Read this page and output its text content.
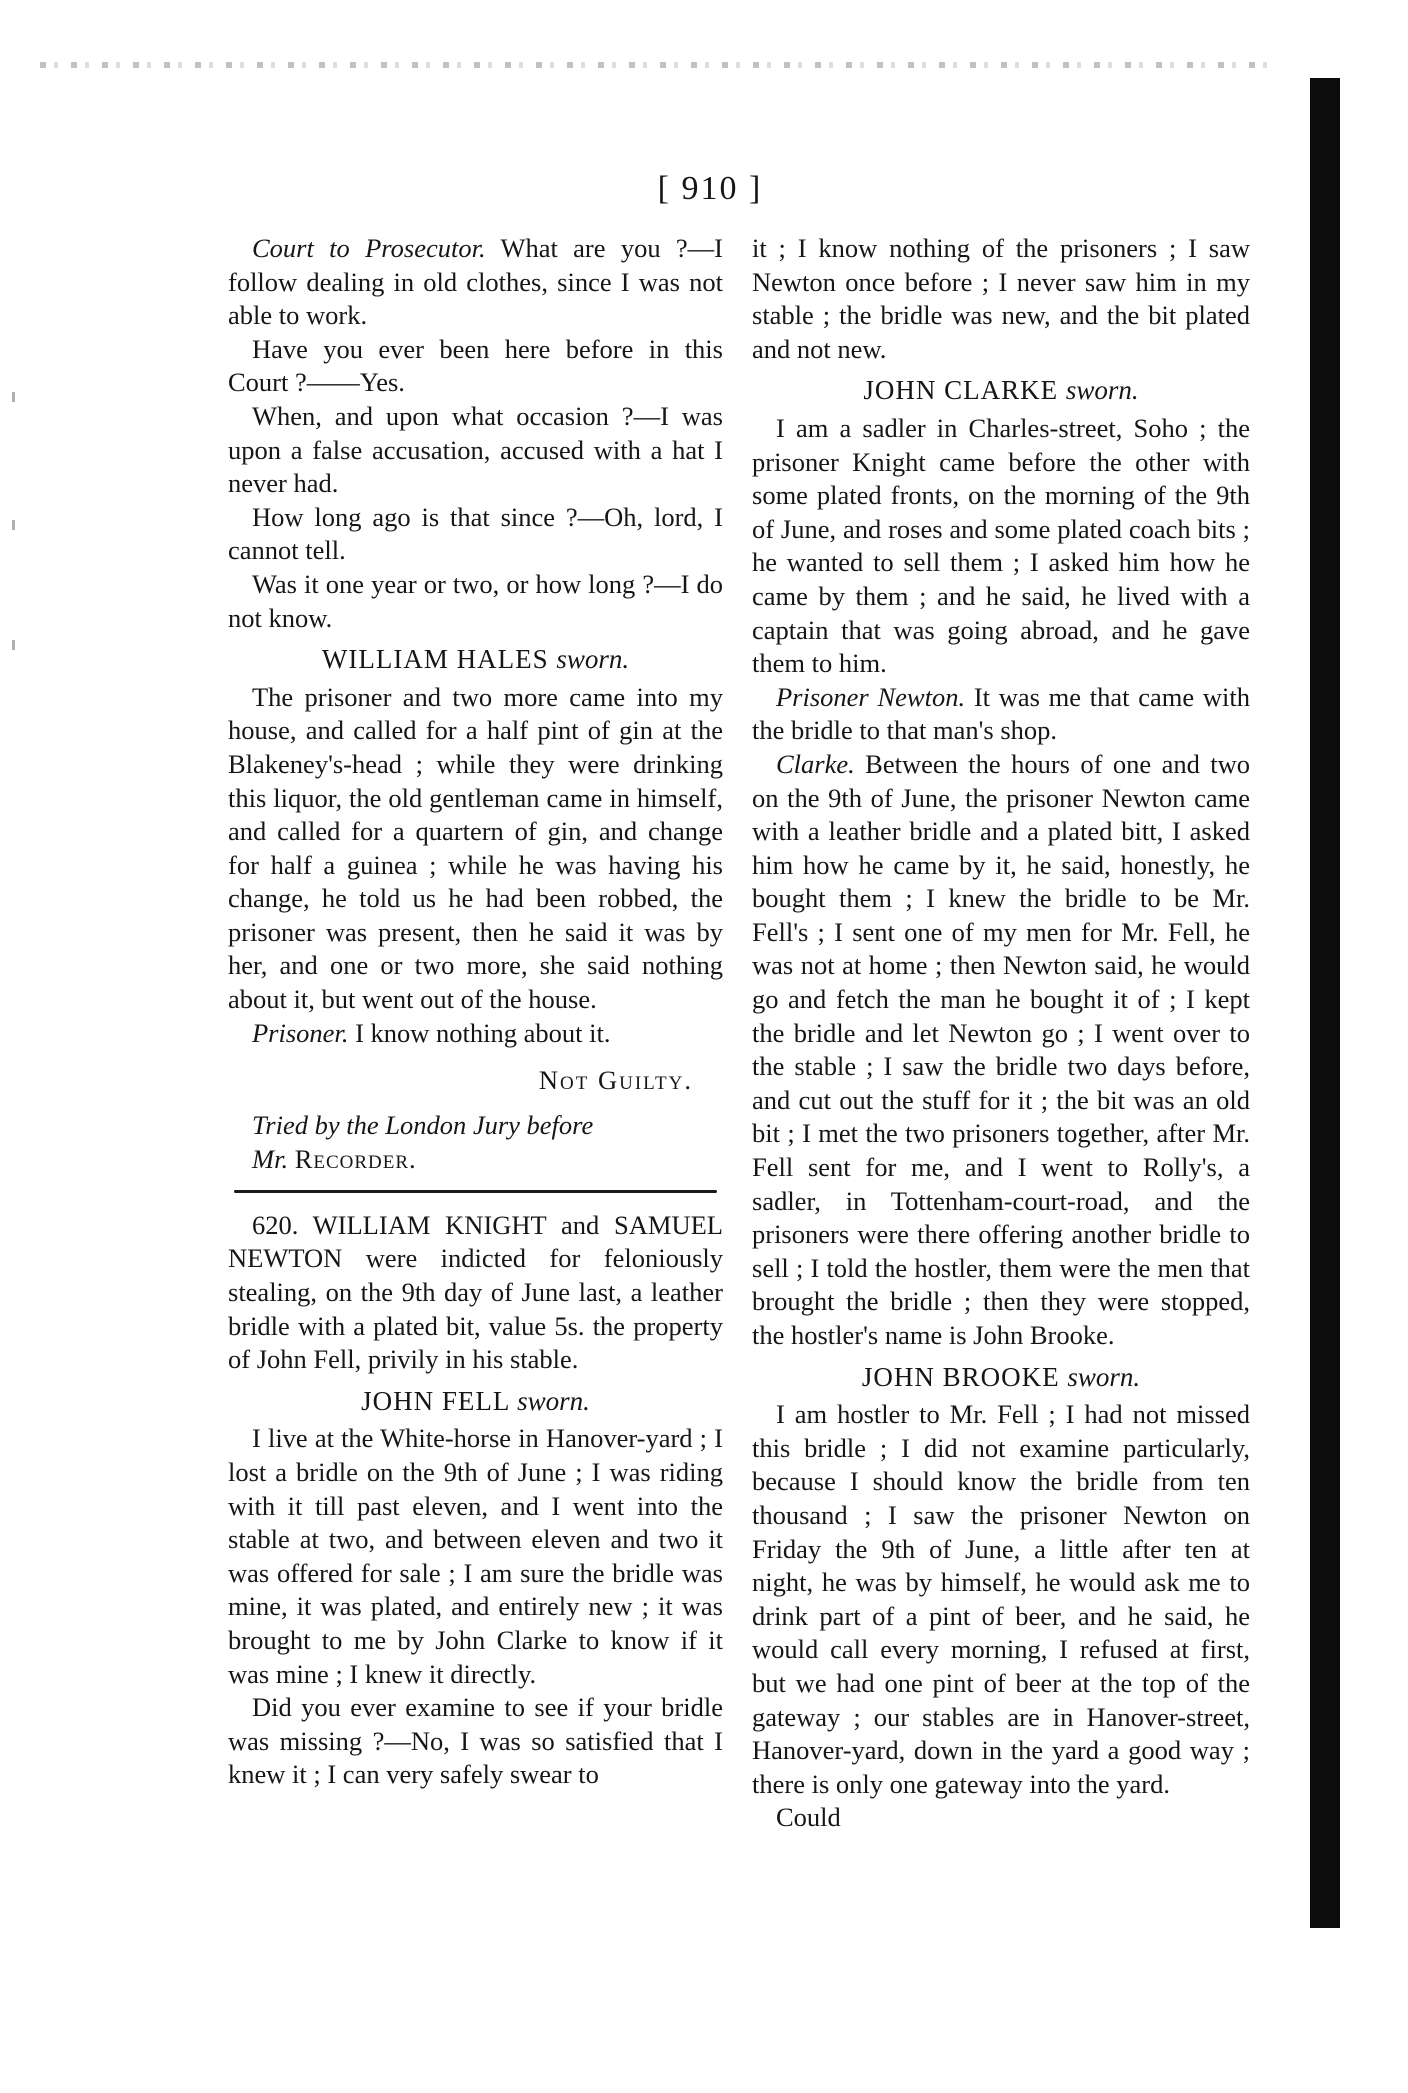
[ 910 ]

Court to Prosecutor. What are you ?—I follow dealing in old clothes, since I was not able to work.

Have you ever been here before in this Court ?——Yes.

When, and upon what occasion ?—I was upon a false accusation, accused with a hat I never had.

How long ago is that since ?—Oh, lord, I cannot tell.

Was it one year or two, or how long ?—I do not know.

WILLIAM HALES sworn.

The prisoner and two more came into my house, and called for a half pint of gin at the Blakeney's-head ; while they were drinking this liquor, the old gentleman came in himself, and called for a quartern of gin, and change for half a guinea ; while he was having his change, he told us he had been robbed, the prisoner was present, then he said it was by her, and one or two more, she said nothing about it, but went out of the house.

Prisoner. I know nothing about it.

Not Guilty.

Tried by the London Jury before

Mr. Recorder.

620. WILLIAM KNIGHT and SAMUEL NEWTON were indicted for feloniously stealing, on the 9th day of June last, a leather bridle with a plated bit, value 5s. the property of John Fell, privily in his stable.

JOHN FELL sworn.

I live at the White-horse in Hanover-yard ; I lost a bridle on the 9th of June ; I was riding with it till past eleven, and I went into the stable at two, and between eleven and two it was offered for sale ; I am sure the bridle was mine, it was plated, and entirely new ; it was brought to me by John Clarke to know if it was mine ; I knew it directly.

Did you ever examine to see if your bridle was missing ?—No, I was so satisfied that I knew it ; I can very safely swear to

it ; I know nothing of the prisoners ; I saw Newton once before ; I never saw him in my stable ; the bridle was new, and the bit plated and not new.

JOHN CLARKE sworn.

I am a sadler in Charles-street, Soho ; the prisoner Knight came before the other with some plated fronts, on the morning of the 9th of June, and roses and some plated coach bits ; he wanted to sell them ; I asked him how he came by them ; and he said, he lived with a captain that was going abroad, and he gave them to him.

Prisoner Newton. It was me that came with the bridle to that man's shop.

Clarke. Between the hours of one and two on the 9th of June, the prisoner Newton came with a leather bridle and a plated bitt, I asked him how he came by it, he said, honestly, he bought them ; I knew the bridle to be Mr. Fell's ; I sent one of my men for Mr. Fell, he was not at home ; then Newton said, he would go and fetch the man he bought it of ; I kept the bridle and let Newton go ; I went over to the stable ; I saw the bridle two days before, and cut out the stuff for it ; the bit was an old bit ; I met the two prisoners together, after Mr. Fell sent for me, and I went to Rolly's, a sadler, in Tottenham-court-road, and the prisoners were there offering another bridle to sell ; I told the hostler, them were the men that brought the bridle ; then they were stopped, the hostler's name is John Brooke.

JOHN BROOKE sworn.

I am hostler to Mr. Fell ; I had not missed this bridle ; I did not examine particularly, because I should know the bridle from ten thousand ; I saw the prisoner Newton on Friday the 9th of June, a little after ten at night, he was by himself, he would ask me to drink part of a pint of beer, and he said, he would call every morning, I refused at first, but we had one pint of beer at the top of the gateway ; our stables are in Hanover-street, Hanover-yard, down in the yard a good way ; there is only one gateway into the yard.

Could
